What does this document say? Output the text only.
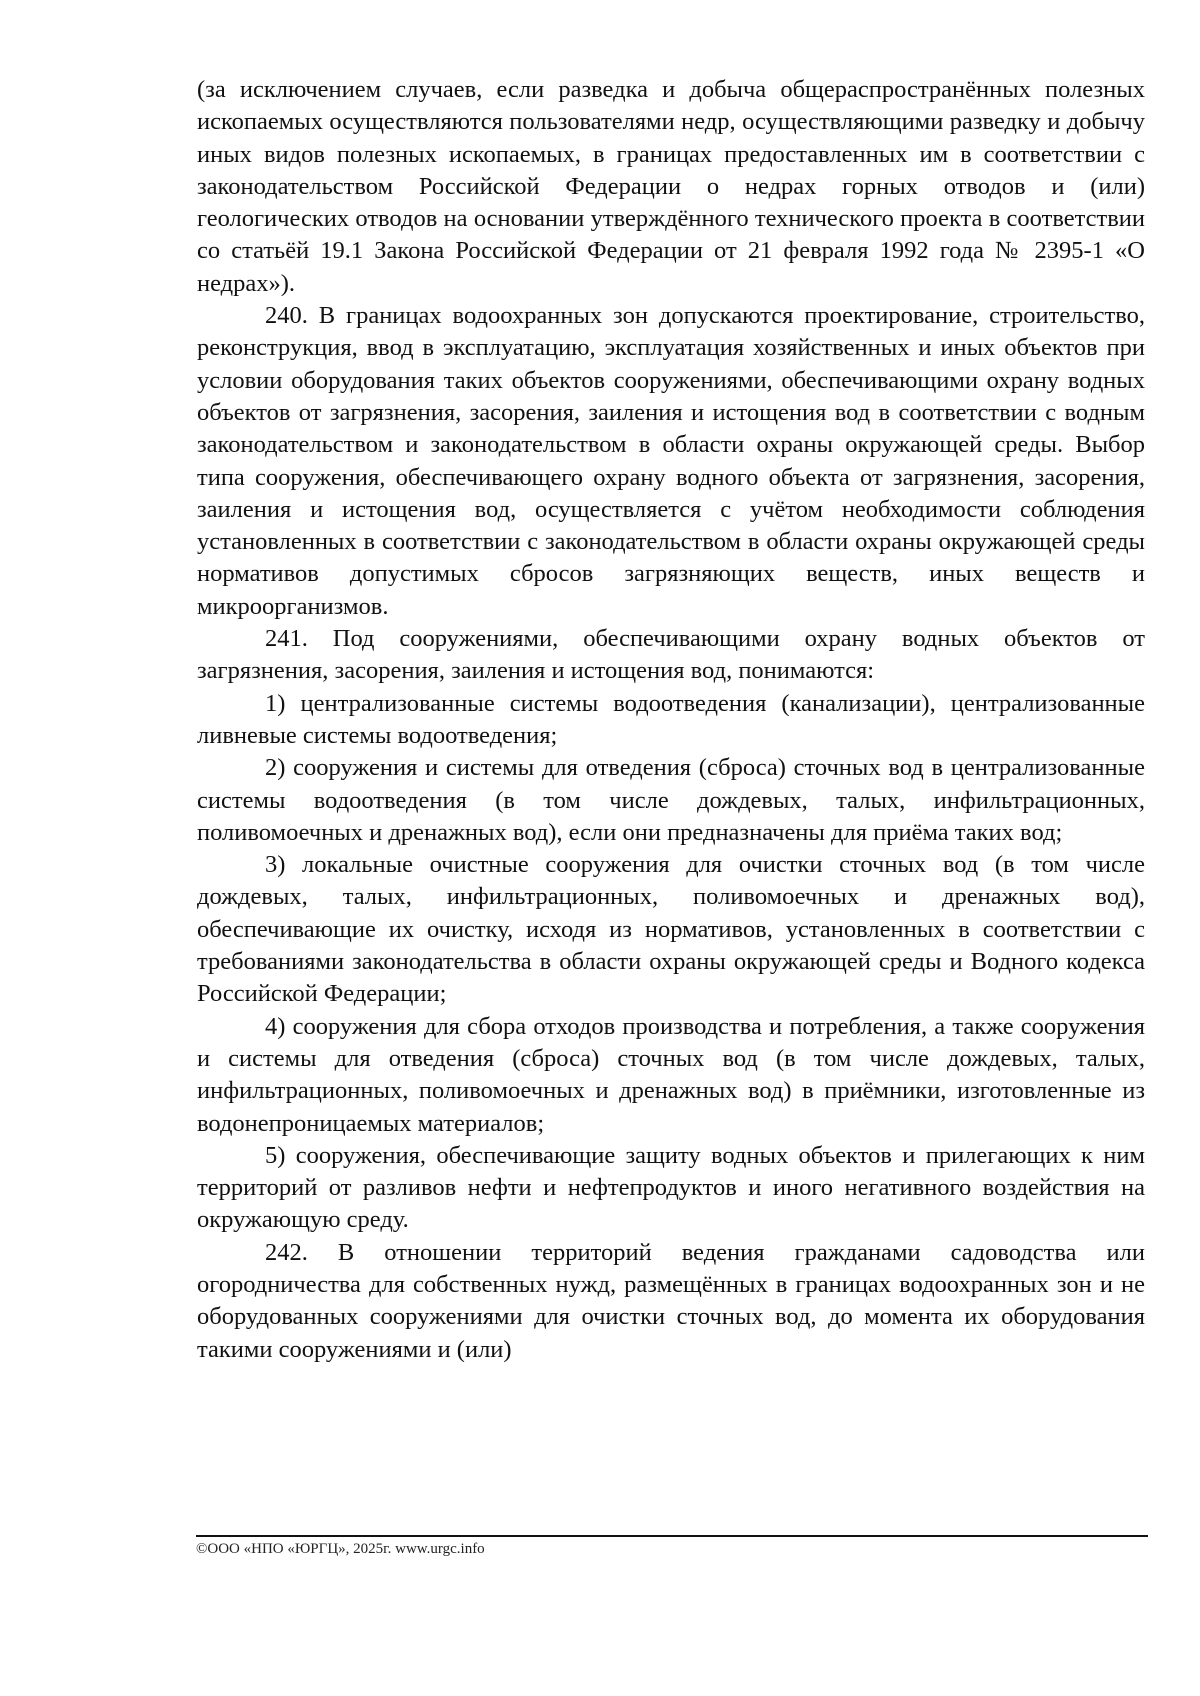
(за исключением случаев, если разведка и добыча общераспространённых полезных ископаемых осуществляются пользователями недр, осуществляющими разведку и добычу иных видов полезных ископаемых, в границах предоставленных им в соответствии с законодательством Российской Федерации о недрах горных отводов и (или) геологических отводов на основании утверждённого технического проекта в соответствии со статьёй 19.1 Закона Российской Федерации от 21 февраля 1992 года № 2395-1 «О недрах»).

240. В границах водоохранных зон допускаются проектирование, строительство, реконструкция, ввод в эксплуатацию, эксплуатация хозяйственных и иных объектов при условии оборудования таких объектов сооружениями, обеспечивающими охрану водных объектов от загрязнения, засорения, заиления и истощения вод в соответствии с водным законодательством и законодательством в области охраны окружающей среды. Выбор типа сооружения, обеспечивающего охрану водного объекта от загрязнения, засорения, заиления и истощения вод, осуществляется с учётом необходимости соблюдения установленных в соответствии с законодательством в области охраны окружающей среды нормативов допустимых сбросов загрязняющих веществ, иных веществ и микроорганизмов.

241. Под сооружениями, обеспечивающими охрану водных объектов от загрязнения, засорения, заиления и истощения вод, понимаются:

1) централизованные системы водоотведения (канализации), централизованные ливневые системы водоотведения;

2) сооружения и системы для отведения (сброса) сточных вод в централизованные системы водоотведения (в том числе дождевых, талых, инфильтрационных, поливомоечных и дренажных вод), если они предназначены для приёма таких вод;

3) локальные очистные сооружения для очистки сточных вод (в том числе дождевых, талых, инфильтрационных, поливомоечных и дренажных вод), обеспечивающие их очистку, исходя из нормативов, установленных в соответствии с требованиями законодательства в области охраны окружающей среды и Водного кодекса Российской Федерации;

4) сооружения для сбора отходов производства и потребления, а также сооружения и системы для отведения (сброса) сточных вод (в том числе дождевых, талых, инфильтрационных, поливомоечных и дренажных вод) в приёмники, изготовленные из водонепроницаемых материалов;

5) сооружения, обеспечивающие защиту водных объектов и прилегающих к ним территорий от разливов нефти и нефтепродуктов и иного негативного воздействия на окружающую среду.

242. В отношении территорий ведения гражданами садоводства или огородничества для собственных нужд, размещённых в границах водоохранных зон и не оборудованных сооружениями для очистки сточных вод, до момента их оборудования такими сооружениями и (или)

©ООО «НПО «ЮРГЦ», 2025г. www.urgc.info
